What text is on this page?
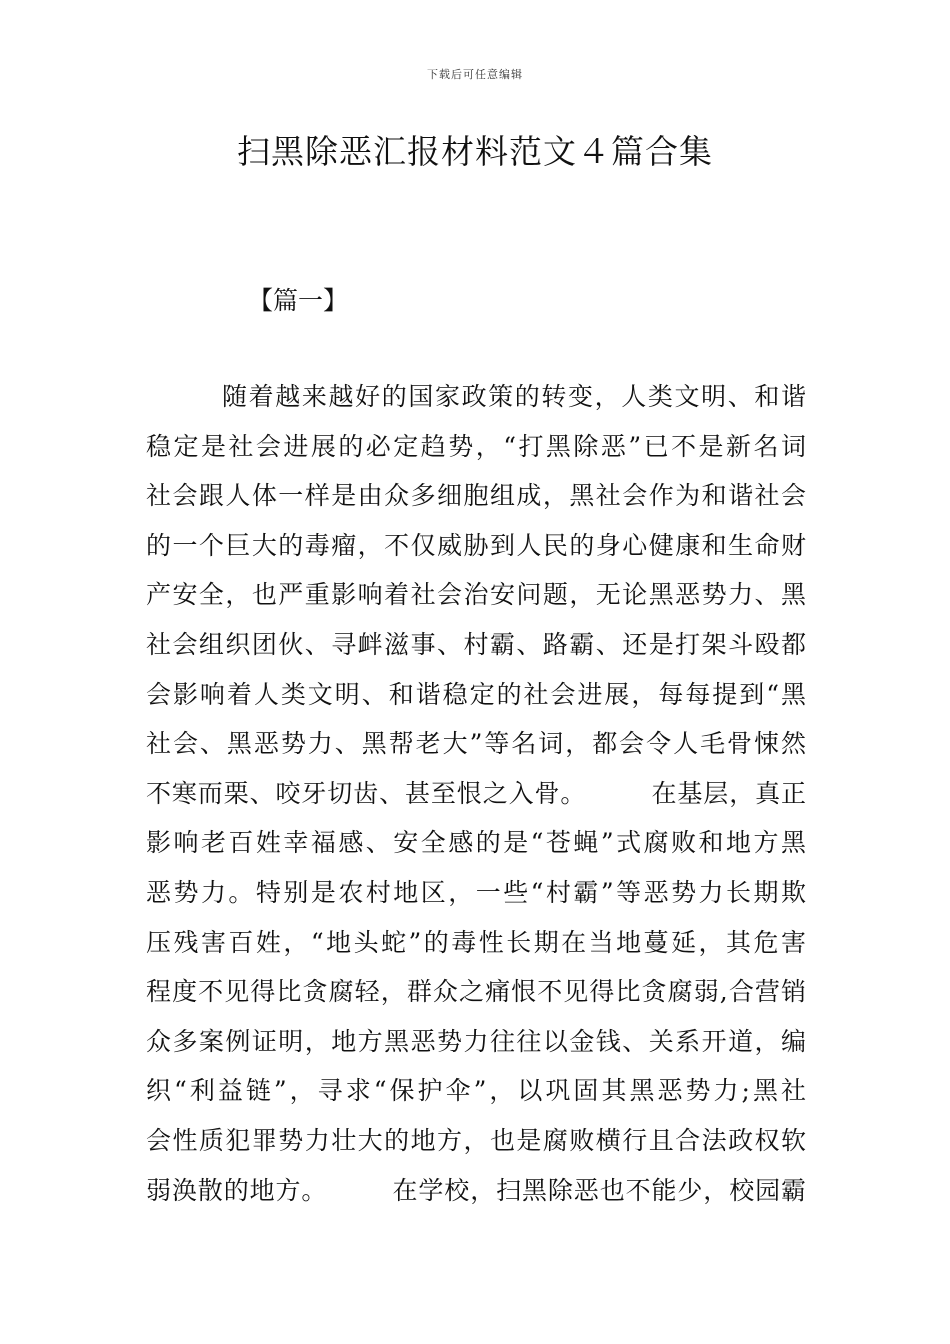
下载后可任意编辑
扫黑除恶汇报材料范文４篇合集
【篇一】
随着越来越好的国家政策的转变，人类文明、和谐
稳定是社会进展的必定趋势，“打黑除恶”已不是新名词
社会跟人体一样是由众多细胞组成，黑社会作为和谐社会
的一个巨大的毒瘤，不仅威胁到人民的身心健康和生命财
产安全，也严重影响着社会治安问题，无论黑恶势力、黑
社会组织团伙、寻衅滋事、村霸、路霸、还是打架斗殴都
会影响着人类文明、和谐稳定的社会进展，每每提到“黑
社会、黑恶势力、黑帮老大”等名词，都会令人毛骨悚然
不寒而栗、咬牙切齿、甚至恨之入骨。　　　在基层，真正
影响老百姓幸福感、安全感的是“苍蝇”式腐败和地方黑
恶势力。特别是农村地区，一些“村霸”等恶势力长期欺
压残害百姓，“地头蛇”的毒性长期在当地蔓延，其危害
程度不见得比贪腐轻，群众之痛恨不见得比贪腐弱,合营销
众多案例证明，地方黑恶势力往往以金钱、关系开道，编
织“利益链”，寻求“保护伞”，以巩固其黑恶势力;黑社
会性质犯罪势力壮大的地方，也是腐败横行且合法政权软
弱涣散的地方。　　　在学校，扫黑除恶也不能少，校园霸
